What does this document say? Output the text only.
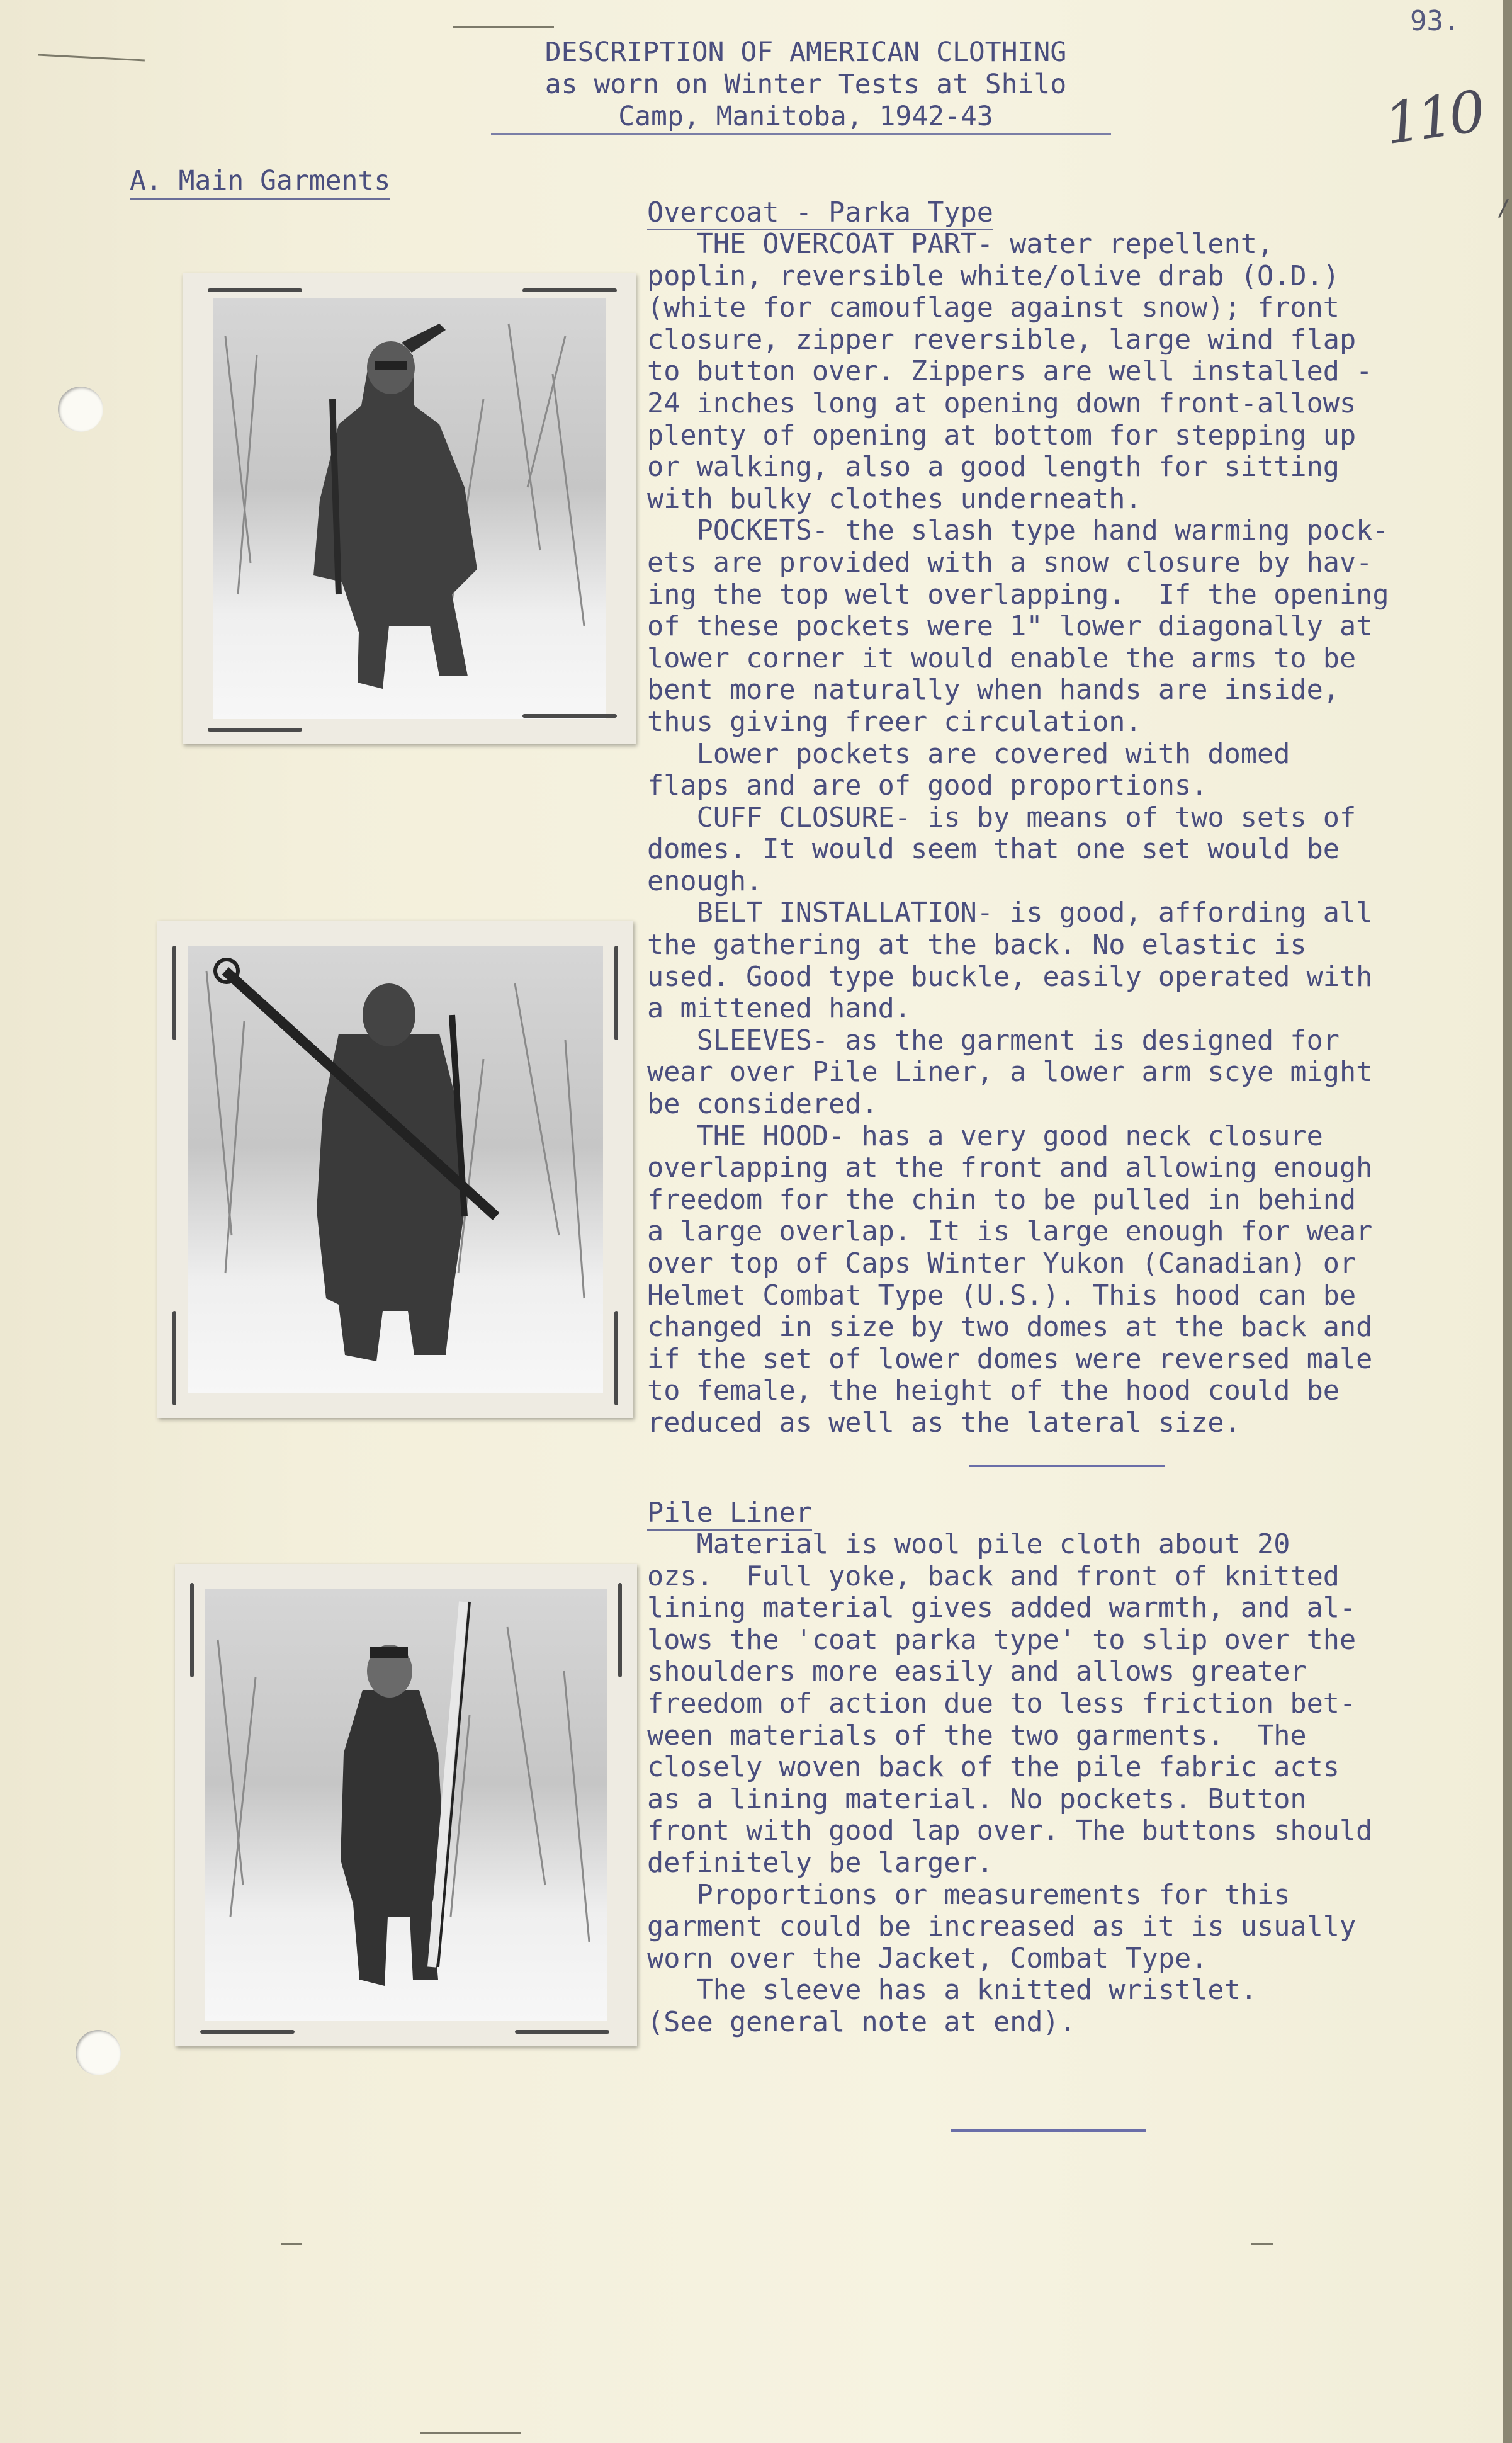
93.
110
DESCRIPTION OF AMERICAN CLOTHING
as worn on Winter Tests at Shilo
Camp, Manitoba, 1942-43
A. Main Garments
Overcoat - Parka Type
THE OVERCOAT PART- water repellent,
poplin, reversible white/olive drab (O.D.)
(white for camouflage against snow); front
closure, zipper reversible, large wind flap
to button over. Zippers are well installed -
24 inches long at opening down front-allows
plenty of opening at bottom for stepping up
or walking, also a good length for sitting
with bulky clothes underneath.
POCKETS- the slash type hand warming pock-
ets are provided with a snow closure by hav-
ing the top welt overlapping.  If the opening
of these pockets were 1" lower diagonally at
lower corner it would enable the arms to be
bent more naturally when hands are inside,
thus giving freer circulation.
Lower pockets are covered with domed
flaps and are of good proportions.
CUFF CLOSURE- is by means of two sets of
domes. It would seem that one set would be
enough.
BELT INSTALLATION- is good, affording all
the gathering at the back. No elastic is
used. Good type buckle, easily operated with
a mittened hand.
SLEEVES- as the garment is designed for
wear over Pile Liner, a lower arm scye might
be considered.
THE HOOD- has a very good neck closure
overlapping at the front and allowing enough
freedom for the chin to be pulled in behind
a large overlap. It is large enough for wear
over top of Caps Winter Yukon (Canadian) or
Helmet Combat Type (U.S.). This hood can be
changed in size by two domes at the back and
if the set of lower domes were reversed male
to female, the height of the hood could be
reduced as well as the lateral size.
Pile Liner
Material is wool pile cloth about 20
ozs.  Full yoke, back and front of knitted
lining material gives added warmth, and al-
lows the 'coat parka type' to slip over the
shoulders more easily and allows greater
freedom of action due to less friction bet-
ween materials of the two garments.  The
closely woven back of the pile fabric acts
as a lining material. No pockets. Button
front with good lap over. The buttons should
definitely be larger.
Proportions or measurements for this
garment could be increased as it is usually
worn over the Jacket, Combat Type.
The sleeve has a knitted wristlet.
(See general note at end).
/
